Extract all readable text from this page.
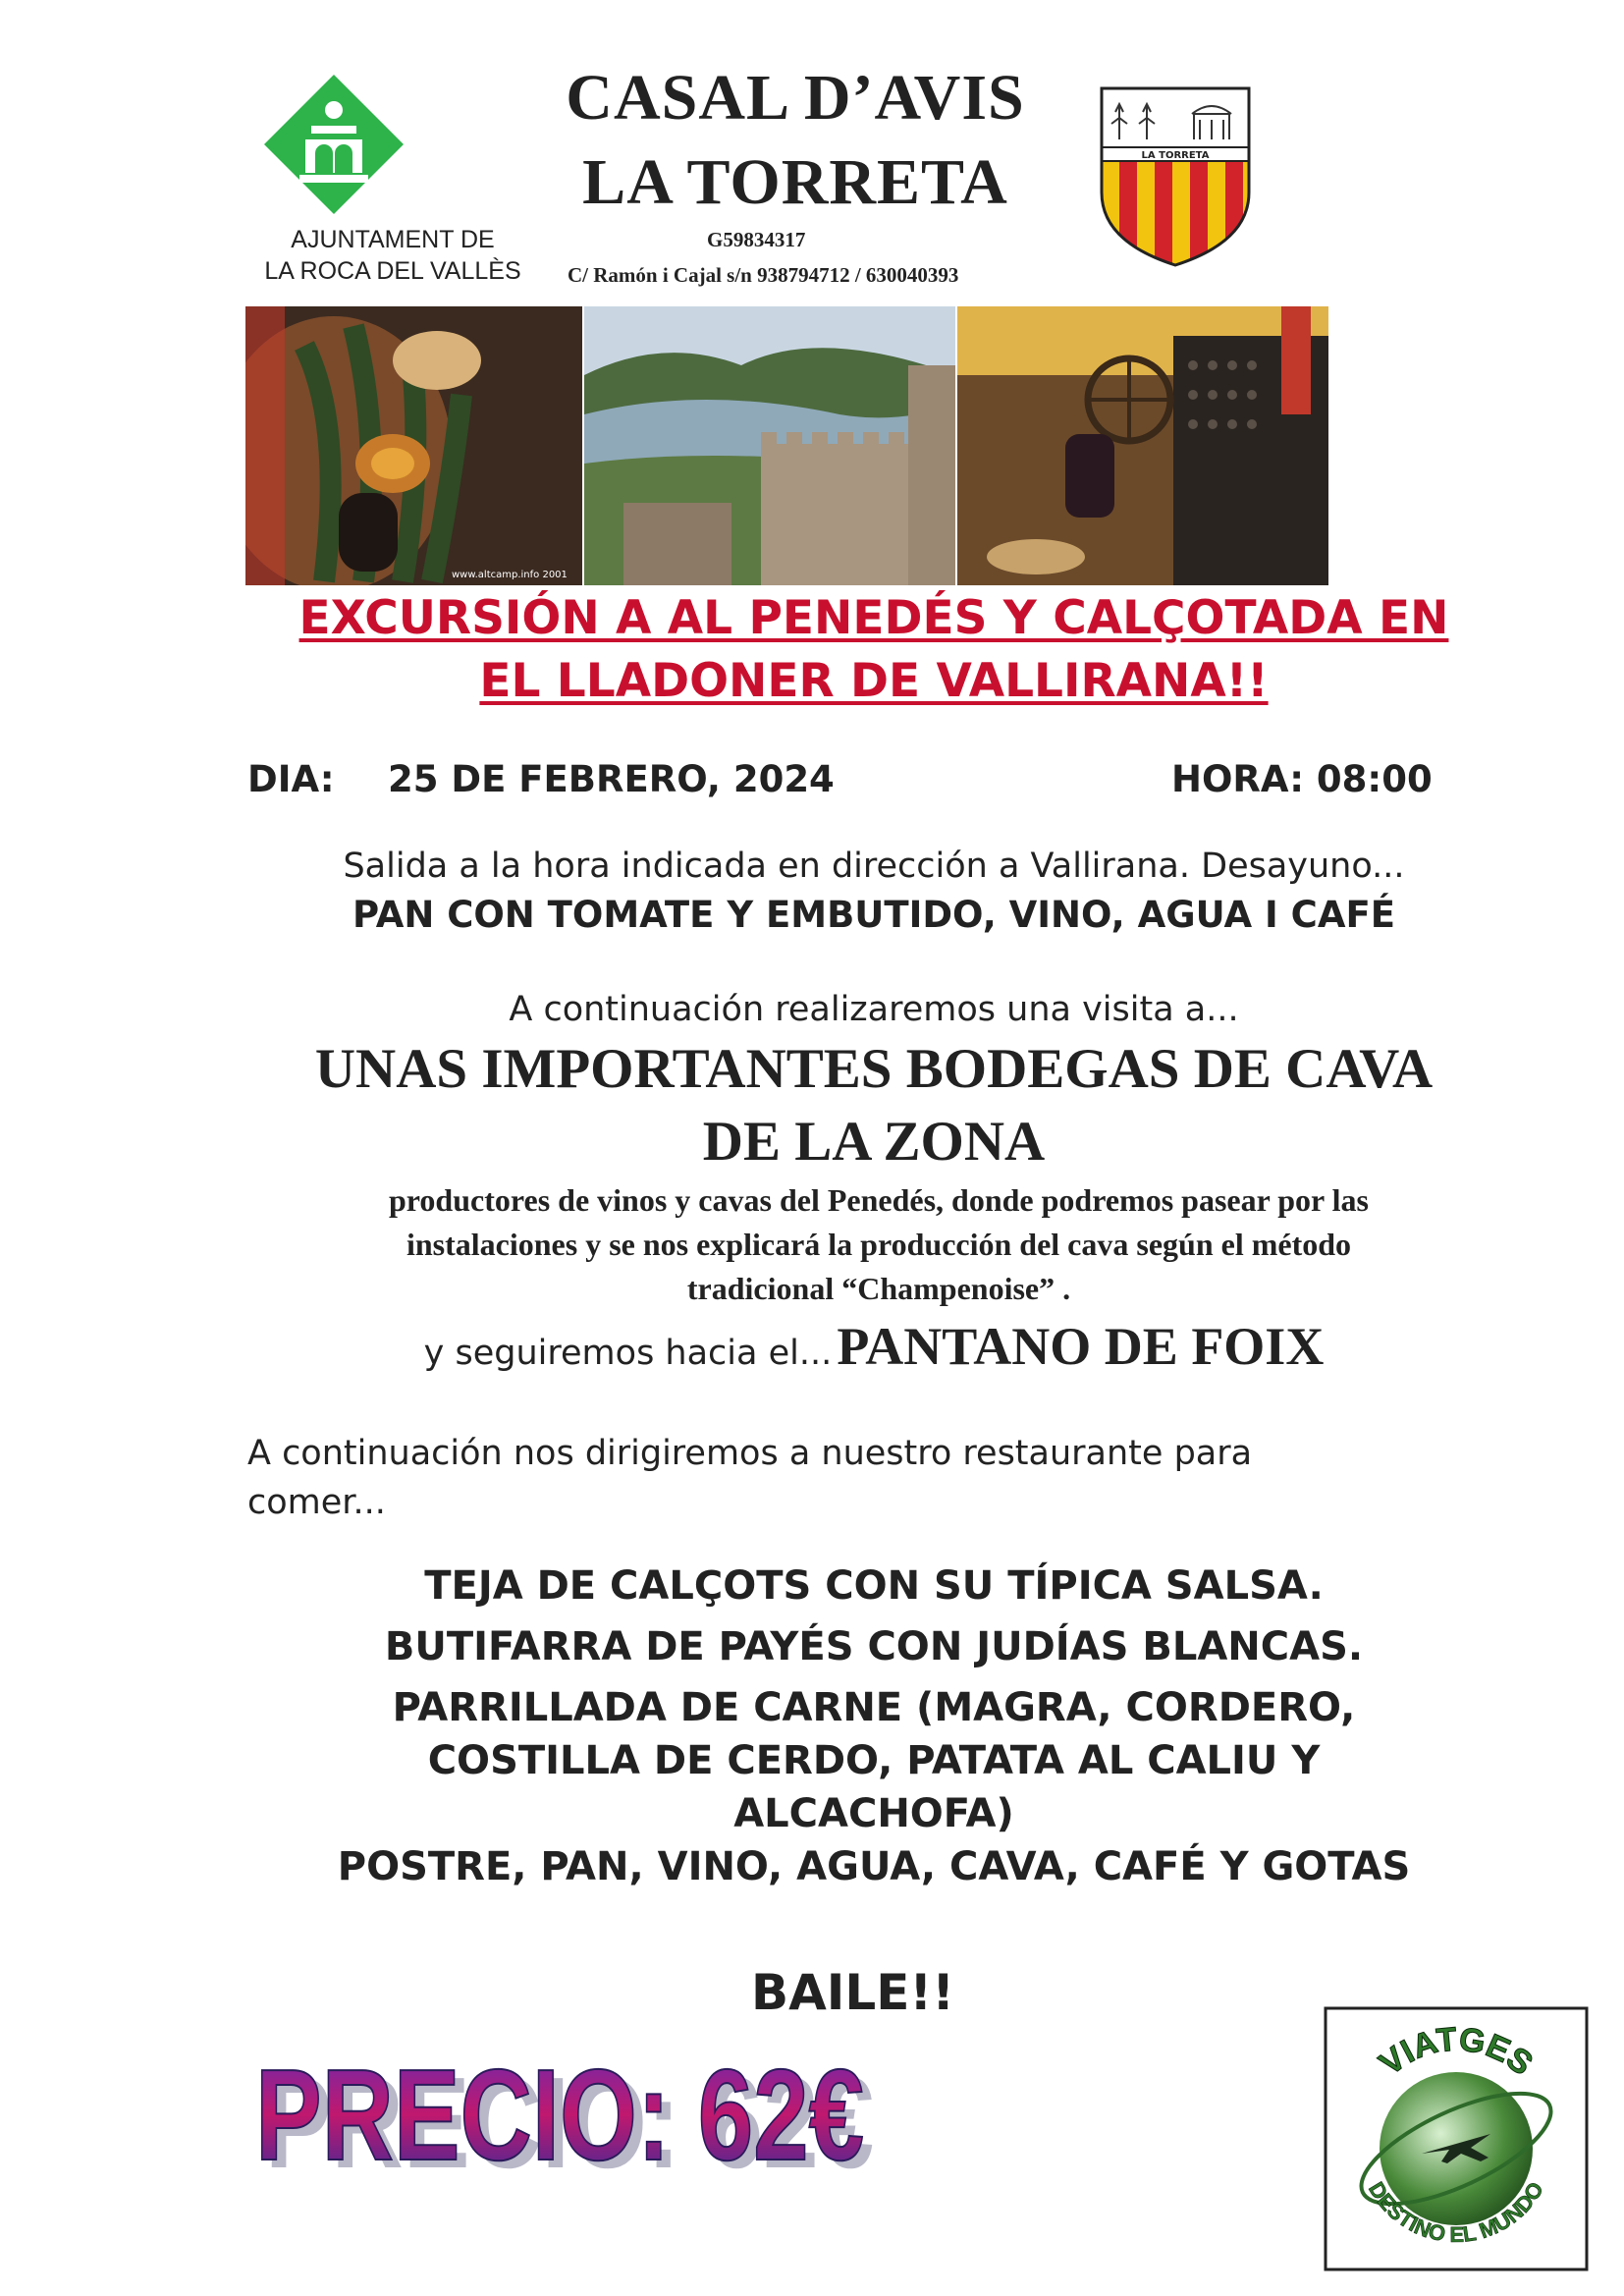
AJUNTAMENT DE
LA ROCA DEL VALLÈS
CASAL D’AVIS
LA TORRETA
G59834317
C/ Ramón i Cajal s/n 938794712 / 630040393
LA TORRETA
www.altcamp.info 2001
EXCURSIÓN A AL PENEDÉS Y CALÇOTADA EN
EL LLADONER DE VALLIRANA!!
DIA: 25 DE FEBRERO, 2024	HORA: 08:00
Salida a la hora indicada en dirección a Vallirana. Desayuno...
PAN CON TOMATE Y EMBUTIDO, VINO, AGUA I CAFÉ
A continuación realizaremos una visita a...
UNAS IMPORTANTES BODEGAS DE CAVA
DE LA ZONA
productores de vinos y cavas del Penedés, donde podremos pasear por las
instalaciones y se nos explicará la producción del cava según el método
tradicional “Champenoise” .
y seguiremos hacia el... PANTANO DE FOIX
A continuación nos dirigiremos a nuestro restaurante para
comer...
TEJA DE CALÇOTS CON SU TÍPICA SALSA.
BUTIFARRA DE PAYÉS CON JUDÍAS BLANCAS.
PARRILLADA DE CARNE (MAGRA, CORDERO,
COSTILLA DE CERDO, PATATA AL CALIU Y
ALCACHOFA)
POSTRE, PAN, VINO, AGUA, CAVA, CAFÉ Y GOTAS
BAILE!!
PRECIO: 62€
PRECIO: 62€	VIATGES
DESTINO EL MUNDO
